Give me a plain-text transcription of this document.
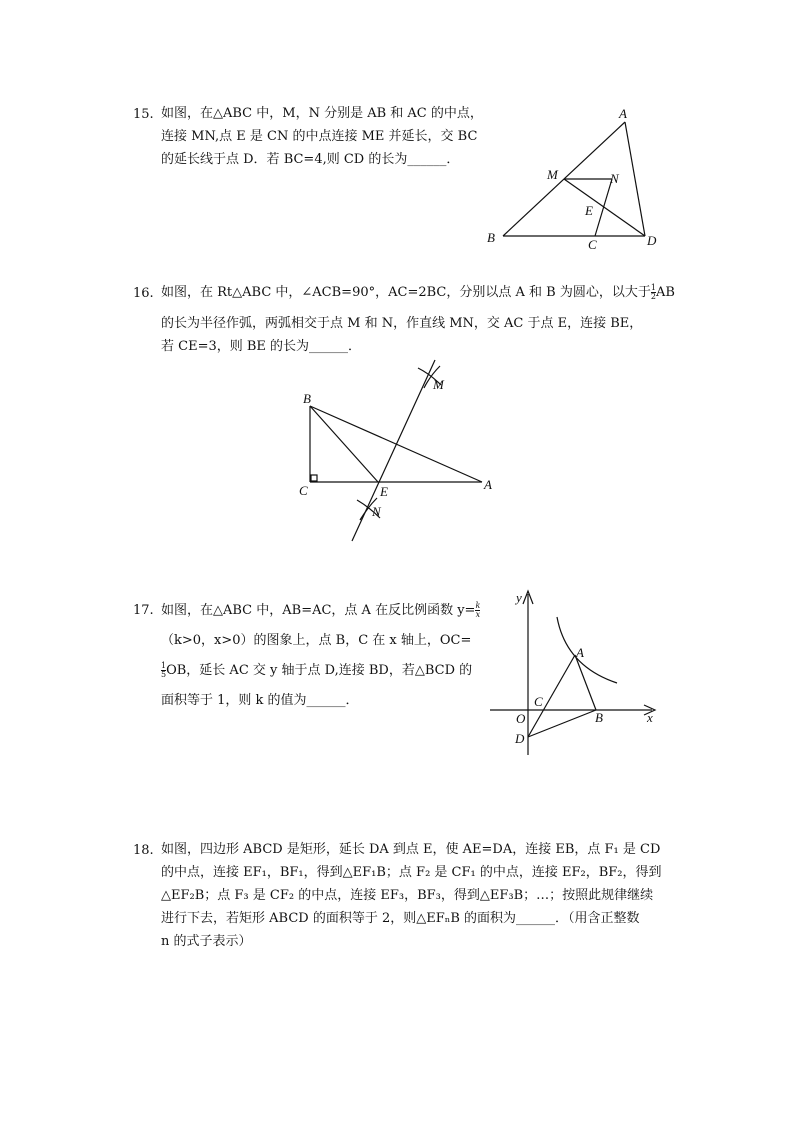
15. 如图，在△ABC 中，M，N 分别是 AB 和 AC 的中点，
连接 MN,点 E 是 CN 的中点连接 ME 并延长，交 BC
的延长线于点 D．若 BC=4,则 CD 的长为______．
A
B	C	D
E
M	N
16. 如图，在 Rt△ABC 中，∠ACB=90°，AC=2BC，分别以点 A 和 B 为圆心，以大于 $\frac{1}{2}$ AB
的长为半径作弧，两弧相交于点 M 和 N，作直线 MN，交 AC 于点 E，连接 BE，
若 CE=3，则 BE 的长为______．
B
C	E	A
M
N
17. 如图，在△ABC 中，AB=AC，点 A 在反比例函数 $y= \frac{k}{x}$
（k>0，x>0）的图象上，点 B，C 在 x 轴上，OC=
$\frac{1}{5}$ OB，延长 AC 交 y 轴于点 D,连接 BD，若△BCD 的
面积等于 1，则 k 的值为______．
y
x
O
A
B
C
D
18. 如图，四边形 ABCD 是矩形，延长 DA 到点 E，使 AE=DA，连接 EB，点 F₁ 是 CD
的中点，连接 EF₁，BF₁，得到△EF₁B；点 F₂ 是 CF₁ 的中点，连接 EF₂，BF₂，得到
△EF₂B；点 F₃ 是 CF₂ 的中点，连接 EF₃，BF₃，得到△EF₃B；…；按照此规律继续
进行下去，若矩形 ABCD 的面积等于 2，则△EFₙB 的面积为______．（用含正整数
n 的式子表示）
